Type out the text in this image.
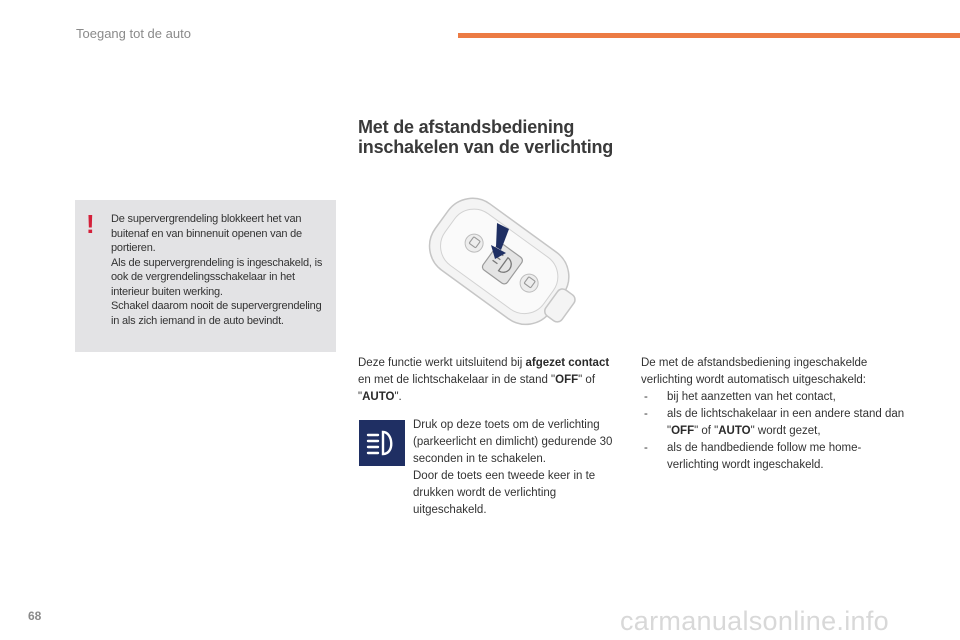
Toegang tot de auto
Met de afstandsbediening
inschakelen van de verlichting
! De supervergrendeling blokkeert het van buitenaf en van binnenuit openen van de portieren.

Als de supervergrendeling is ingeschakeld, is ook de vergrendelingsschakelaar in het interieur buiten werking.

Schakel daarom nooit de supervergrendeling in als zich iemand in de auto bevindt.

Deze functie werkt uitsluitend bij afgezet contact en met de lichtschakelaar in de stand "OFF" of "AUTO".

Druk op deze toets om de verlichting (parkeerlicht en dimlicht) gedurende 30 seconden in te schakelen.

Door de toets een tweede keer in te drukken wordt de verlichting uitgeschakeld.

De met de afstandsbediening ingeschakelde verlichting wordt automatisch uitgeschakeld:

- bij het aanzetten van het contact,

- als de lichtschakelaar in een andere stand dan "OFF" of "AUTO" wordt gezet,

- als de handbediende follow me home-verlichting wordt ingeschakeld.

68	carmanualsonline.info
